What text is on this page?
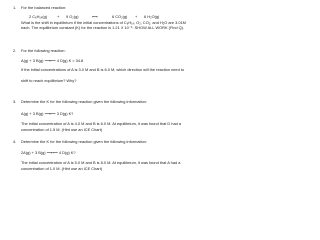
1. For the balanced reaction:
2 C₆H₁₄(g)	+ 9 O₂(g)	⟷	6 CO₂(g) + 6 H₂O(g)
What is the shift in equilibrium if the initial concentrations of C₆H₁₄, O₂, CO₂, and H₂O are 3.01M
each. The equilibrium constant (K) for the reaction is 1.21 X 10⁻⁶. SHOW ALL WORK (Find Q).
2. For the following reaction:
A(g) + 3 B(g) ⟶⟵ 4 D(g) K = 34.8
If the initial concentrations of A is 3.0 M and B is 6.0 M, which direction will the reaction need to
shift to reach equilibrium? Why?
3. Determine the K for the following reaction given the following information:
A(g) + 3 B(g) ⟶⟵ 3 D(g) K?
The initial concentration of A is 4.0 M and B is 6.0 M. At equilibrium, it was found that D had a
concentration of 1.5 M. (Hint use an ICE Chart)
4. Determine the K for the following reaction given the following information:
2A(g) + 3 B(g) ⟶⟵ 4 D(g) K?
The initial concentration of A is 5.0 M and B is 8.0 M. At equilibrium, it was found that A had a
concentration of 1.0 M. (Hint use an ICE Chart)
